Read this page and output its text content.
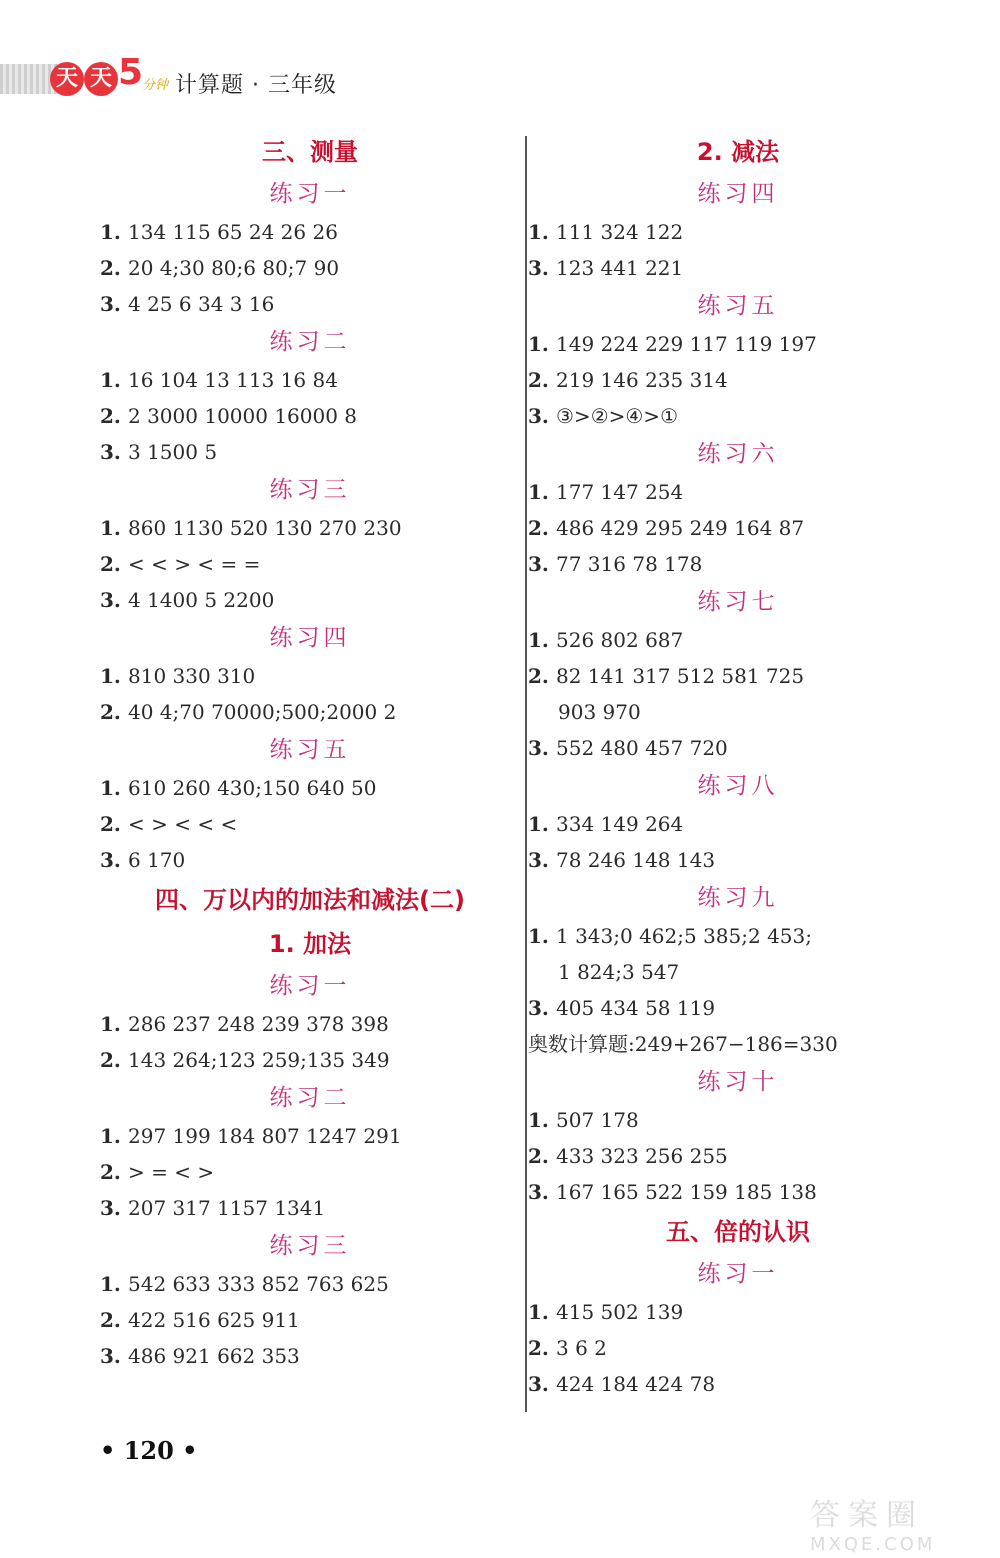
天 天 5
分钟 计算题 · 三年级
三、测量
练习一
1. 134 115 65 24 26 26
2. 20 4;30 80;6 80;7 90
3. 4 25 6 34 3 16
练习二
1. 16 104 13 113 16 84
2. 2 3000 10000 16000 8
3. 3 1500 5
练习三
1. 860 1130 520 130 270 230
2. < < > < = =
3. 4 1400 5 2200
练习四
1. 810 330 310
2. 40 4;70 70000;500;2000 2
练习五
1. 610 260 430;150 640 50
2. < > < < <
3. 6 170
四、万以内的加法和减法(二)
1. 加法
练习一
1. 286 237 248 239 378 398
2. 143 264;123 259;135 349
练习二
1. 297 199 184 807 1247 291
2. > = < >
3. 207 317 1157 1341
练习三
1. 542 633 333 852 763 625
2. 422 516 625 911
3. 486 921 662 353
2. 减法
练习四
1. 111 324 122
3. 123 441 221
练习五
1. 149 224 229 117 119 197
2. 219 146 235 314
3. ③>②>④>①
练习六
1. 177 147 254
2. 486 429 295 249 164 87
3. 77 316 78 178
练习七
1. 526 802 687
2. 82 141 317 512 581 725
903 970
3. 552 480 457 720
练习八
1. 334 149 264
3. 78 246 148 143
练习九
1. 1 343;0 462;5 385;2 453;
1 824;3 547
3. 405 434 58 119
奥数计算题:249+267−186=330
练习十
1. 507 178
2. 433 323 256 255
3. 167 165 522 159 185 138
五、倍的认识
练习一
1. 415 502 139
2. 3 6 2
3. 424 184 424 78
• 120 •
答案圈
MXQE.COM
